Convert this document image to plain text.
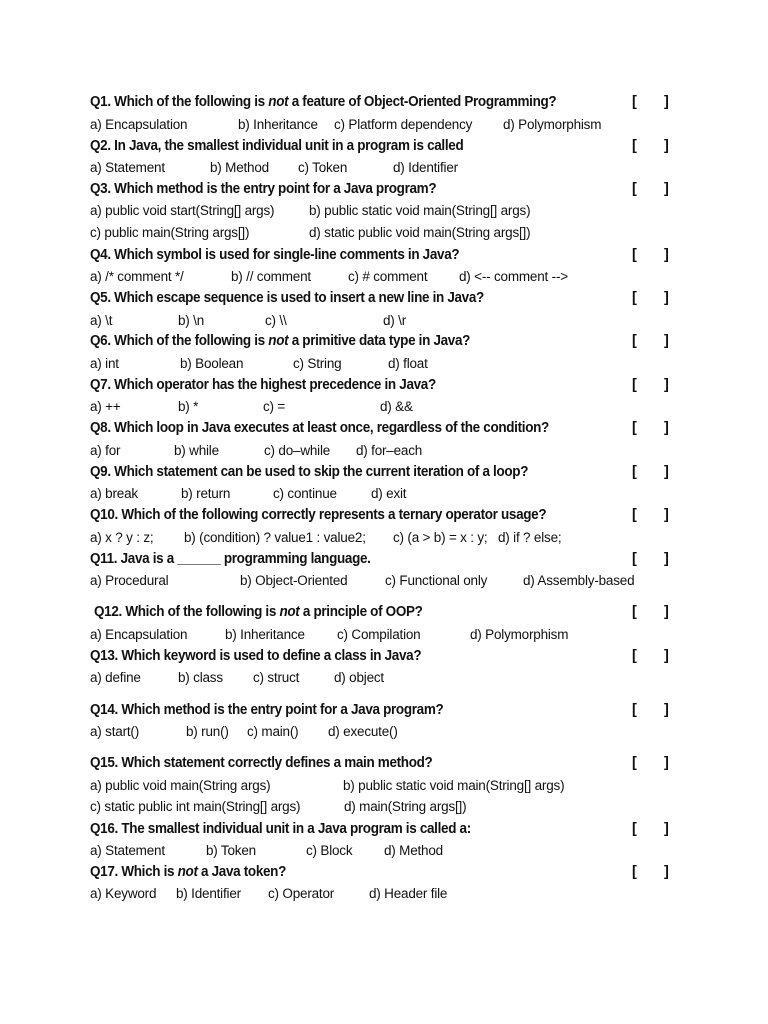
Q1. Which of the following is not a feature of Object-Oriented Programming?	[ ]
a) Encapsulation	b) Inheritance c) Platform dependency d) Polymorphism
Q2. In Java, the smallest individual unit in a program is called	[ ]
a) Statement	b) Method c) Token	d) Identifier
Q3. Which method is the entry point for a Java program?	[ ]
a) public void start(String[] args)	b) public static void main(String[] args)
c) public main(String args[])	d) static public void main(String args[])
Q4. Which symbol is used for single-line comments in Java?	[ ]
a) /* comment */	b) // comment	c) # comment d) <-- comment -->
Q5. Which escape sequence is used to insert a new line in Java?	[ ]
a) \t	b) \n	c) \\	d) \r
Q6. Which of the following is not a primitive data type in Java?	[ ]
a) int	b) Boolean	c) String	d) float
Q7. Which operator has the highest precedence in Java?	[ ]
a) ++	b) *	c) =	d) &&
Q8. Which loop in Java executes at least once, regardless of the condition?	[ ]
a) for	b) while	c) do–while d) for–each
Q9. Which statement can be used to skip the current iteration of a loop?	[ ]
a) break	b) return	c) continue	d) exit
Q10. Which of the following correctly represents a ternary operator usage?	[ ]
a) x ? y : z; b) (condition) ? value1 : value2; c) (a > b) = x : y; d) if ? else;
Q11. Java is a ______ programming language.	[ ]
a) Procedural	b) Object-Oriented	c) Functional only	d) Assembly-based
Q12. Which of the following is not a principle of OOP?	[ ]
a) Encapsulation	b) Inheritance c) Compilation	d) Polymorphism
Q13. Which keyword is used to define a class in Java?	[ ]
a) define	b) class c) struct	d) object
Q14. Which method is the entry point for a Java program?	[ ]
a) start()	b) run() c) main() d) execute()
Q15. Which statement correctly defines a main method?	[ ]
a) public void main(String args)	b) public static void main(String[] args)
c) static public int main(String[] args)	d) main(String args[])
Q16. The smallest individual unit in a Java program is called a:	[ ]
a) Statement	b) Token	c) Block d) Method
Q17. Which is not a Java token?	[ ]
a) Keyword b) Identifier c) Operator	d) Header file
